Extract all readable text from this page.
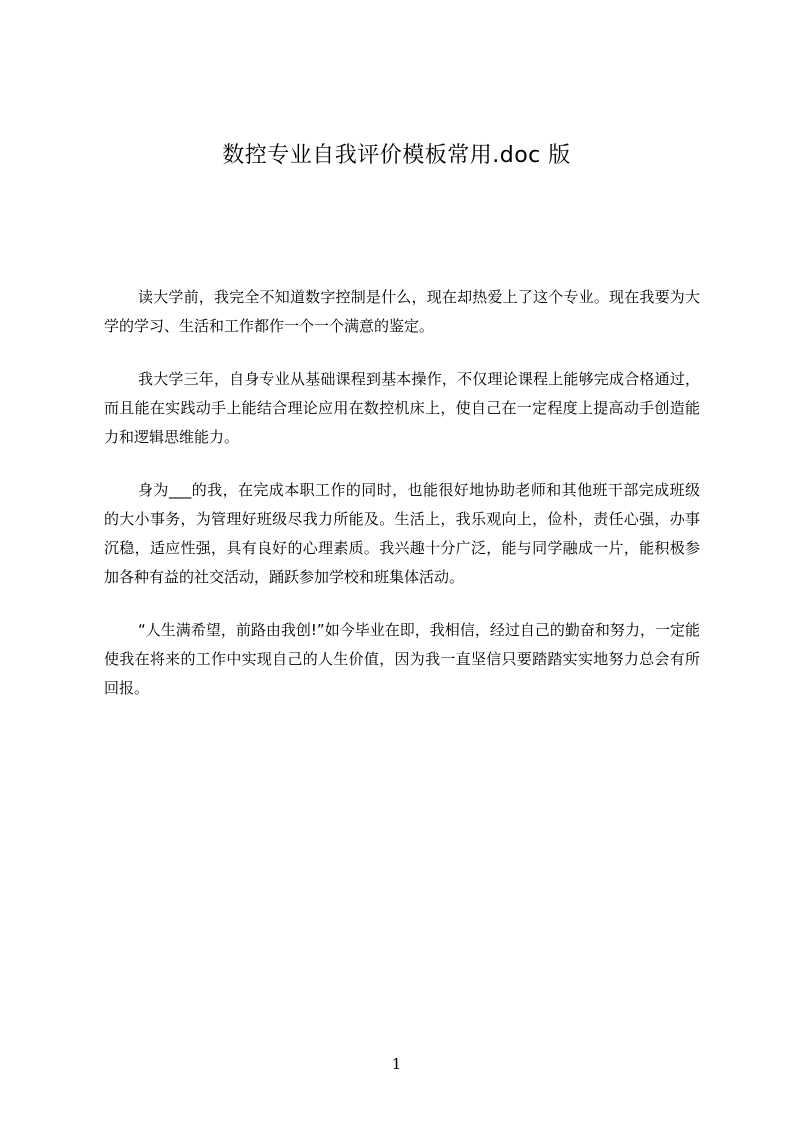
数控专业自我评价模板常用.doc 版

读大学前，我完全不知道数字控制是什么，现在却热爱上了这个专业。现在我要为大学的学习、生活和工作都作一个一个满意的鉴定。

我大学三年，自身专业从基础课程到基本操作，不仅理论课程上能够完成合格通过，而且能在实践动手上能结合理论应用在数控机床上，使自己在一定程度上提高动手创造能力和逻辑思维能力。

身为___的我，在完成本职工作的同时，也能很好地协助老师和其他班干部完成班级的大小事务，为管理好班级尽我力所能及。生活上，我乐观向上，俭朴，责任心强，办事沉稳，适应性强，具有良好的心理素质。我兴趣十分广泛，能与同学融成一片，能积极参加各种有益的社交活动，踊跃参加学校和班集体活动。

“人生满希望，前路由我创!”如今毕业在即，我相信，经过自己的勤奋和努力，一定能使我在将来的工作中实现自己的人生价值，因为我一直坚信只要踏踏实实地努力总会有所回报。

1
